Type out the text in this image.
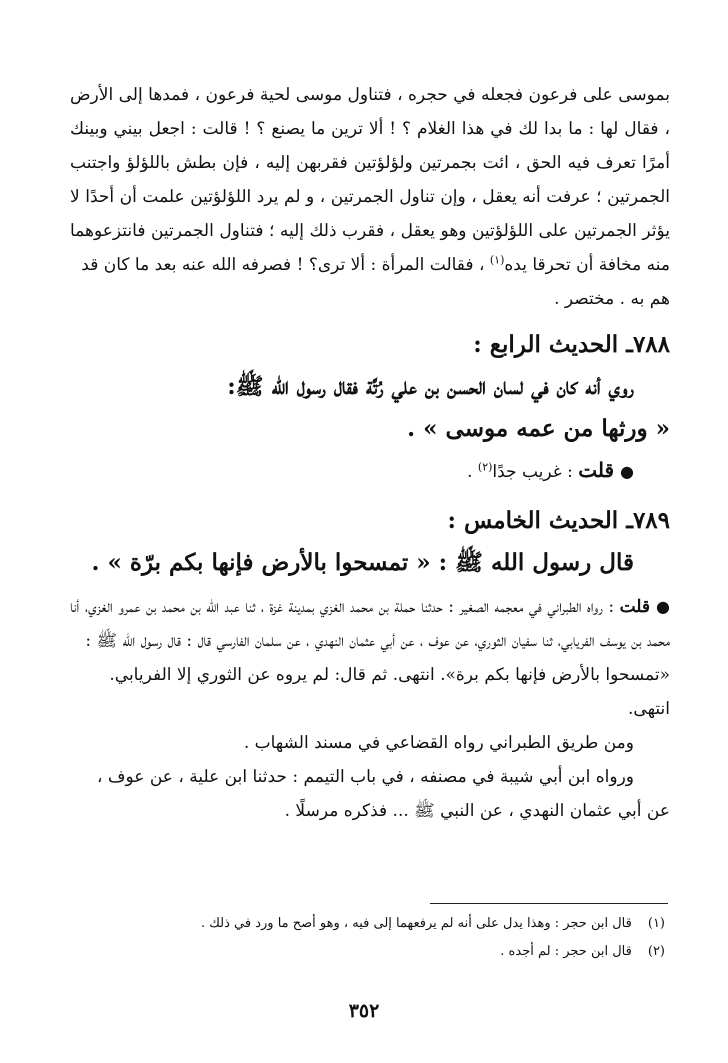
بموسى على فرعون فجعله في حجره ، فتناول موسى لحية فرعون ، فمدها إلى الأرض ، فقال لها : ما بدا لك في هذا الغلام ؟ ! ألا ترين ما يصنع ؟ ! قالت : اجعل بيني وبينك أمرًا تعرف فيه الحق ، ائت بجمرتين ولؤلؤتين فقربهن إليه ، فإن بطش باللؤلؤ واجتنب الجمرتين ؛ عرفت أنه يعقل ، وإن تناول الجمرتين ، و لم يرد اللؤلؤتين علمت أن أحدًا لا يؤثر الجمرتين على اللؤلؤتين وهو يعقل ، فقرب ذلك إليه ؛ فتناول الجمرتين فانتزعوهما منه مخافة أن تحرقا يده$^{(١)}$ ، فقالت المرأة : ألا ترى؟ ! فصرفه الله عنه بعد ما كان قد

هم به . مختصر .

٧٨٨ـ الحديث الرابع :
روي أنه كان في لسان الحسن بن علي رُتَّة فقال رسول الله ﷺ:
« ورثها من عمه موسى » .
●قلت : غريب جدًا$^{(٢)}$ .
٧٨٩ـ الحديث الخامس :
قال رسول الله ﷺ : « تمسحوا بالأرض فإنها بكم برّة » .

●قلت : رواه الطبراني في معجمه الصغير : حدثنا حملة بن محمد الغزي بمدينة غزة ، ثنا عبد الله بن محمد بن عمرو الغزي، أنا محمد بن يوسف الفريابي، ثنا سفيان الثوري، عن عوف ، عن أبي عثمان النهدي ، عن سلمان الفارسي قال : قال رسول الله ﷺ :

«تمسحوا بالأرض فإنها بكم برة». انتهى. ثم قال: لم يروه عن الثوري إلا الفريابي. انتهى.

ومن طريق الطبراني رواه القضاعي في مسند الشهاب .

ورواه ابن أبي شيبة في مصنفه ، في باب التيمم : حدثنا ابن علية ، عن عوف ،

عن أبي عثمان النهدي ، عن النبي ﷺ ... فذكره مرسلًا .

(١)قال ابن حجر : وهذا يدل على أنه لم يرفعهما إلى فيه ، وهو أصح ما ورد في ذلك .
(٢)قال ابن حجر : لم أجده .
٣٥٢
